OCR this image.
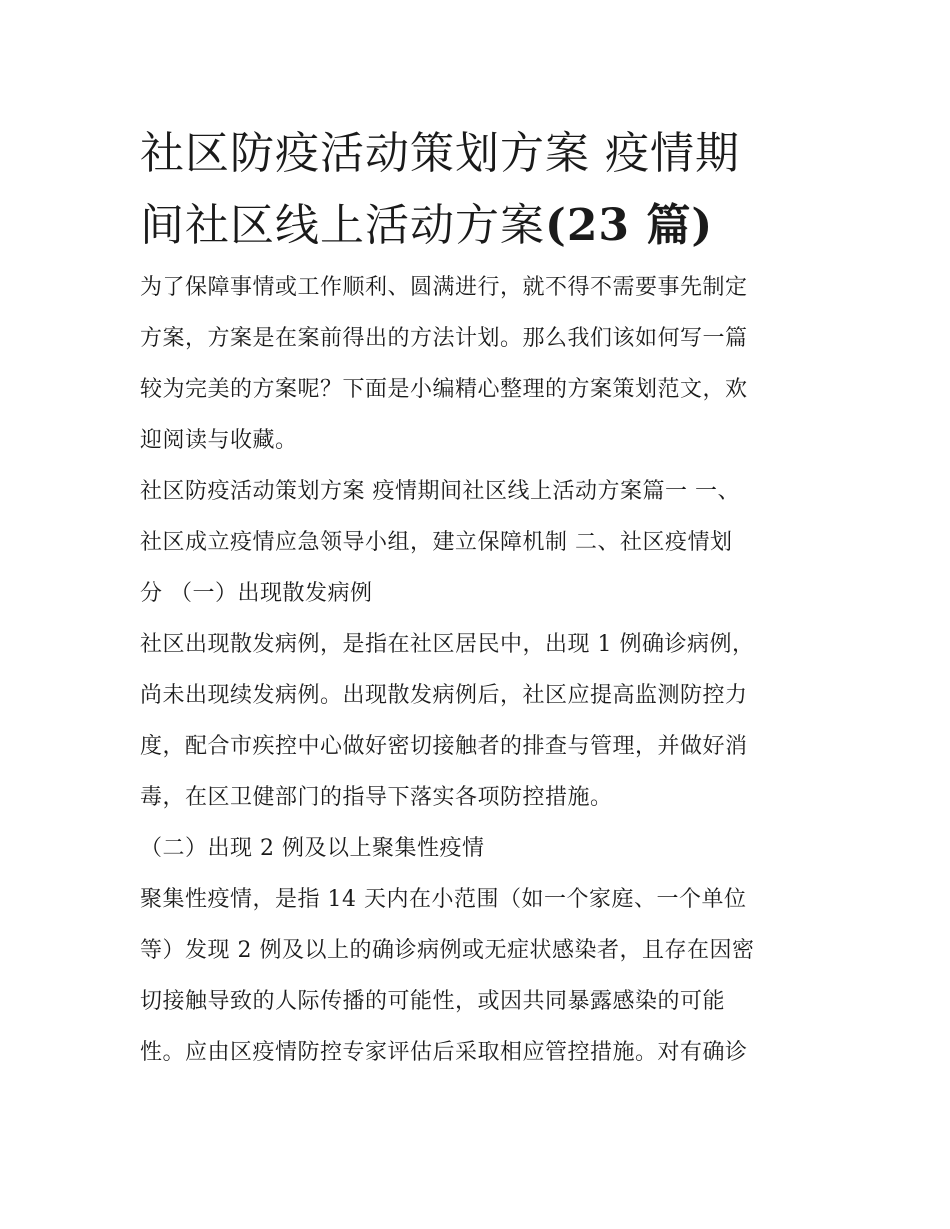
社区防疫活动策划方案 疫情期
间社区线上活动方案(23 篇)

为了保障事情或工作顺利、圆满进行，就不得不需要事先制定
方案，方案是在案前得出的方法计划。那么我们该如何写一篇
较为完美的方案呢？下面是小编精心整理的方案策划范文，欢
迎阅读与收藏。

社区防疫活动策划方案 疫情期间社区线上活动方案篇一 一、
社区成立疫情应急领导小组，建立保障机制 二、社区疫情划
分 （一）出现散发病例

社区出现散发病例，是指在社区居民中，出现 1 例确诊病例，
尚未出现续发病例。出现散发病例后，社区应提高监测防控力
度，配合市疾控中心做好密切接触者的排查与管理，并做好消
毒，在区卫健部门的指导下落实各项防控措施。

（二）出现 2 例及以上聚集性疫情

聚集性疫情，是指 14 天内在小范围（如一个家庭、一个单位
等）发现 2 例及以上的确诊病例或无症状感染者，且存在因密
切接触导致的人际传播的可能性，或因共同暴露感染的可能
性。应由区疫情防控专家评估后采取相应管控措施。对有确诊
